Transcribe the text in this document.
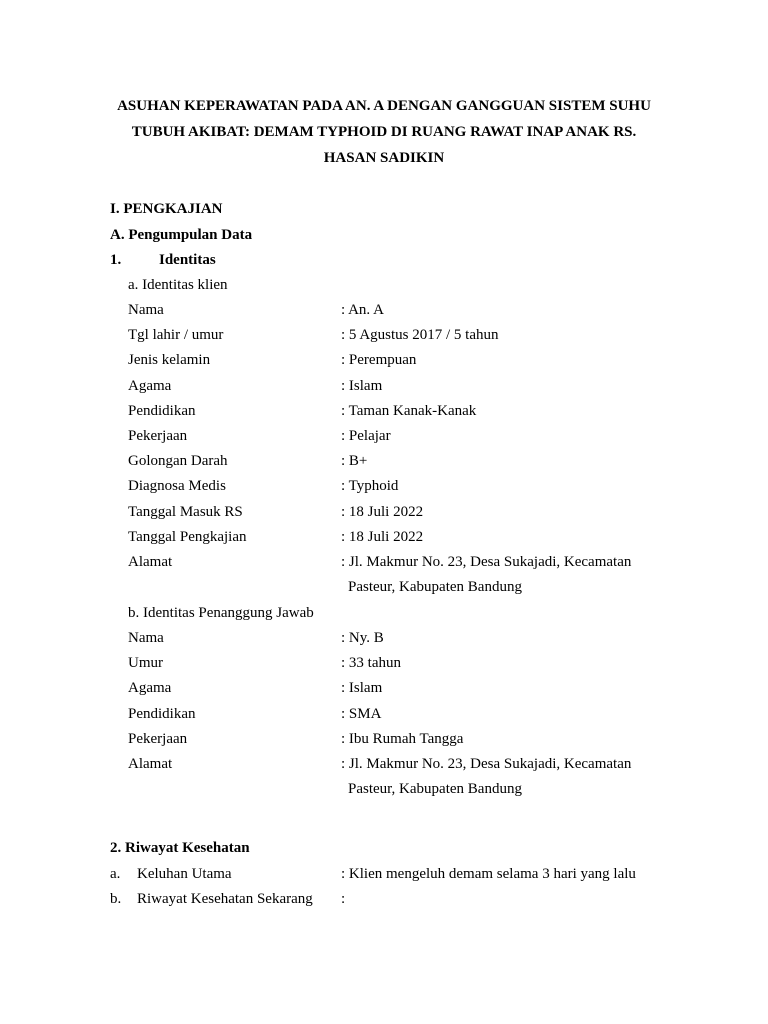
ASUHAN KEPERAWATAN PADA AN. A DENGAN GANGGUAN SISTEM SUHU
TUBUH AKIBAT: DEMAM TYPHOID DI RUANG RAWAT INAP ANAK RS.
HASAN SADIKIN
I. PENGKAJIAN
A. Pengumpulan Data
1.	Identitas
a. Identitas klien
Nama	: An. A
Tgl lahir / umur	: 5 Agustus 2017 / 5 tahun
Jenis kelamin	: Perempuan
Agama	: Islam
Pendidikan	: Taman Kanak-Kanak
Pekerjaan	: Pelajar
Golongan Darah	: B+
Diagnosa Medis	: Typhoid
Tanggal Masuk RS	: 18 Juli 2022
Tanggal Pengkajian	: 18 Juli 2022
Alamat	: Jl. Makmur No. 23, Desa Sukajadi, Kecamatan
Pasteur, Kabupaten Bandung
b. Identitas Penanggung Jawab
Nama	: Ny. B
Umur	: 33 tahun
Agama	: Islam
Pendidikan	: SMA
Pekerjaan	: Ibu Rumah Tangga
Alamat	: Jl. Makmur No. 23, Desa Sukajadi, Kecamatan
Pasteur, Kabupaten Bandung
2. Riwayat Kesehatan
a. Keluhan Utama	: Klien mengeluh demam selama 3 hari yang lalu
b. Riwayat Kesehatan Sekarang :
